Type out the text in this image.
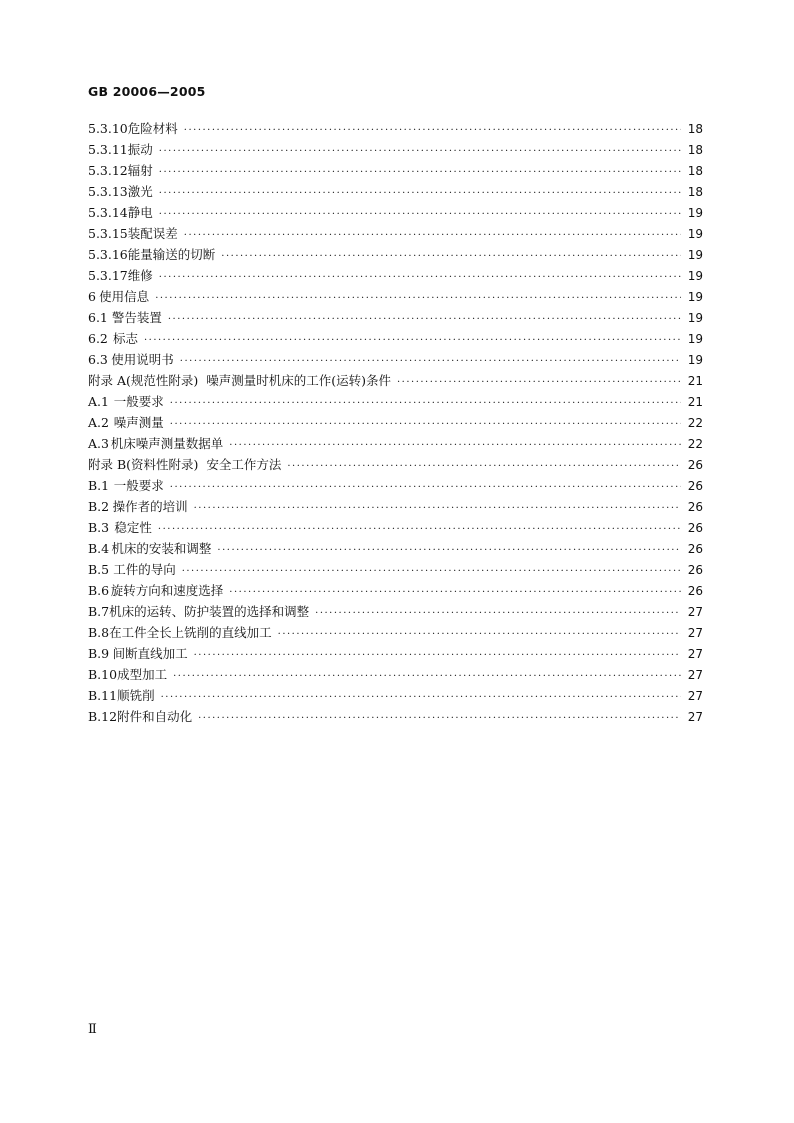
GB 20006—2005
5.3.10 危险材料 ·····	18
5.3.11 振动 ·····	18
5.3.12 辐射 ·····	18
5.3.13 激光 ·····	18
5.3.14 静电 ·····	19
5.3.15 装配误差 ·····	19
5.3.16 能量输送的切断 ·····	19
5.3.17 维修 ·····	19
6 使用信息 ·····	19
6.1 警告装置 ·····	19
6.2 标志 ·····	19
6.3 使用说明书 ·····	19
附录 A (规范性附录)  噪声测量时机床的工作(运转)条件 ·····	21
A.1 一般要求 ·····	21
A.2 噪声测量 ·····	22
A.3 机床噪声测量数据单 ·····	22
附录 B (资料性附录)  安全工作方法 ·····	26
B.1 一般要求 ·····	26
B.2 操作者的培训 ·····	26
B.3 稳定性 ·····	26
B.4 机床的安装和调整 ·····	26
B.5 工件的导向 ·····	26
B.6 旋转方向和速度选择 ·····	26
B.7 机床的运转、防护装置的选择和调整 ·····	27
B.8 在工件全长上铣削的直线加工 ·····	27
B.9 间断直线加工 ·····	27
B.10 成型加工 ·····	27
B.11 顺铣削 ·····	27
B.12 附件和自动化 ·····	27
Ⅱ
